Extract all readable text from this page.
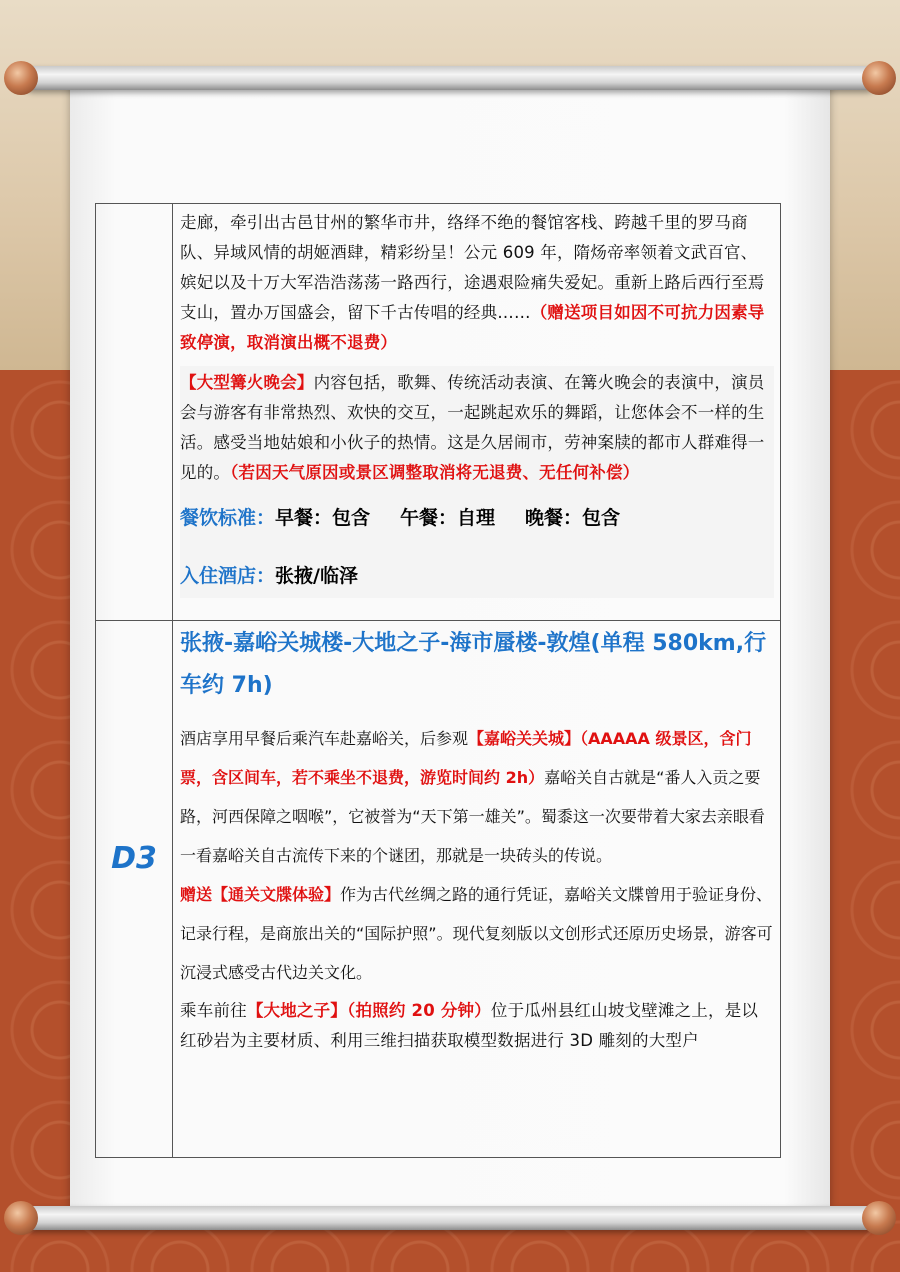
走廊，牵引出古邑甘州的繁华市井，络绎不绝的餐馆客栈、跨越千里的罗马商队、异域风情的胡姬酒肆，精彩纷呈！公元 609 年，隋炀帝率领着文武百官、嫔妃以及十万大军浩浩荡荡一路西行，途遇艰险痛失爱妃。重新上路后西行至焉支山，置办万国盛会，留下千古传唱的经典……（赠送项目如因不可抗力因素导致停演，取消演出概不退费）

【大型篝火晚会】内容包括，歌舞、传统活动表演、在篝火晚会的表演中，演员会与游客有非常热烈、欢快的交互，一起跳起欢乐的舞蹈，让您体会不一样的生活。感受当地姑娘和小伙子的热情。这是久居闹市，劳神案牍的都市人群难得一见的。（若因天气原因或景区调整取消将无退费、无任何补偿）

餐饮标准：早餐：包含 午餐：自理 晚餐：包含

入住酒店：张掖/临泽

D3

张掖-嘉峪关城楼-大地之子-海市蜃楼-敦煌(单程 580km,行车约 7h)

酒店享用早餐后乘汽车赴嘉峪关，后参观【嘉峪关关城】（AAAAA 级景区，含门票，含区间车，若不乘坐不退费，游览时间约 2h）嘉峪关自古就是“番人入贡之要路，河西保障之咽喉”，它被誉为“天下第一雄关”。蜀黍这一次要带着大家去亲眼看一看嘉峪关自古流传下来的个谜团，那就是一块砖头的传说。

赠送【通关文牒体验】作为古代丝绸之路的通行凭证，嘉峪关文牒曾用于验证身份、记录行程，是商旅出关的“国际护照”。现代复刻版以文创形式还原历史场景，游客可沉浸式感受古代边关文化。

乘车前往【大地之子】（拍照约 20 分钟）位于瓜州县红山坡戈壁滩之上，是以红砂岩为主要材质、利用三维扫描获取模型数据进行 3D 雕刻的大型户
